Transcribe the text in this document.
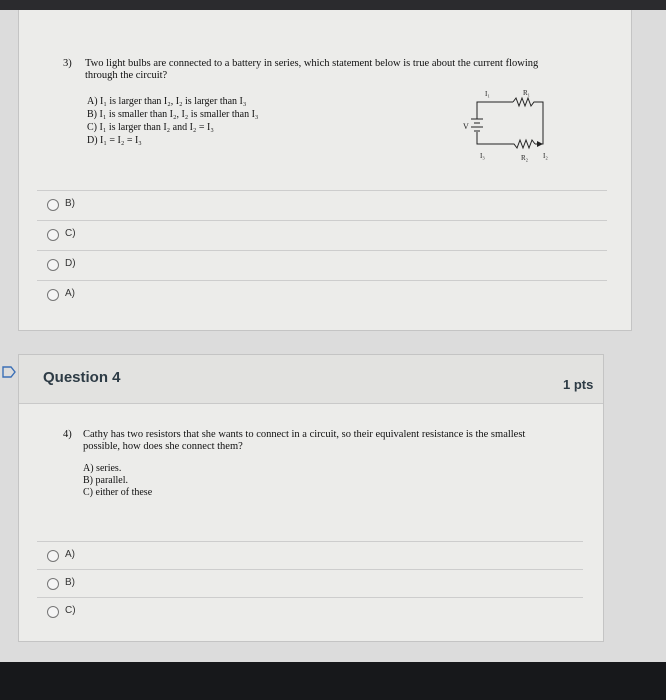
3) Two light bulbs are connected to a battery in series, which statement below is true about the current flowing
through the circuit?
A) I₁ is larger than I₂, I₂ is larger than I₃
B) I₁ is smaller than I₂, I₂ is smaller than I₃
C) I₁ is larger than I₂ and I₂ = I₃
D) I₁ = I₂ = I₃
I₁	R₁
V
I₃	R₂ I₂
B)
C)
D)
A)
Question 4	1 pts
4) Cathy has two resistors that she wants to connect in a circuit, so their equivalent resistance is the smallest
possible, how does she connect them?
A) series.
B) parallel.
C) either of these
A)
B)
C)
